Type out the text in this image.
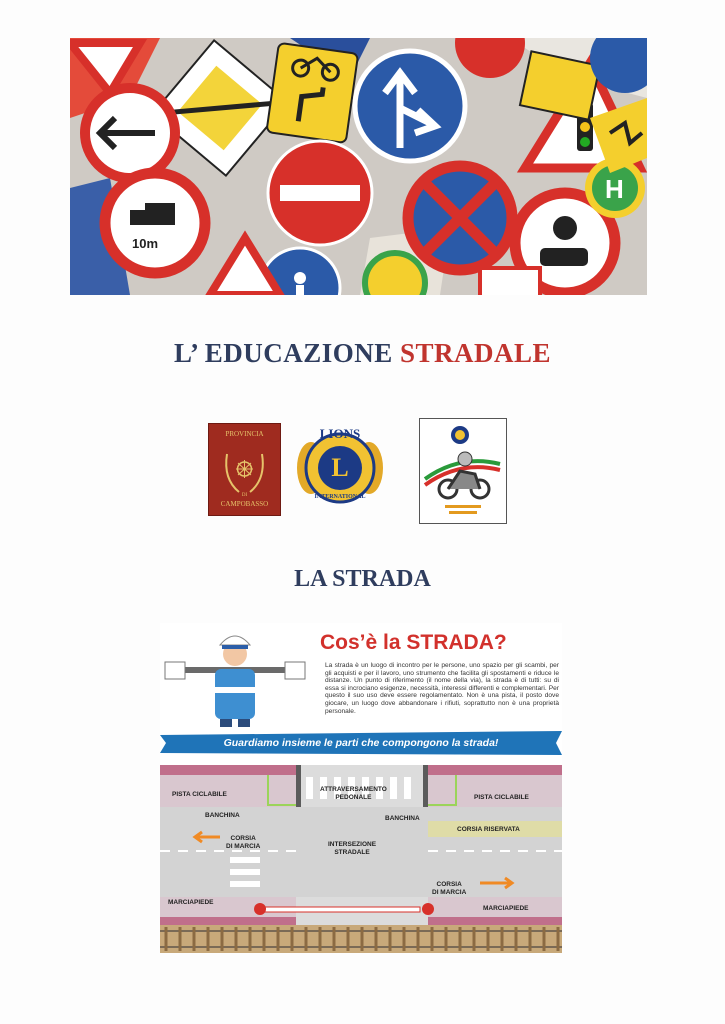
10m
H
L’ EDUCAZIONE STRADALE
PROVINCIA
DI
CAMPOBASSO
LIONS
L
INTERNATIONAL
LA STRADA
Cos’è la STRADA?
La strada è un luogo di incontro per le persone, uno spazio per gli scambi, per gli acquisti e per il lavoro, uno strumento che facilita gli spostamenti e riduce le distanze. Un punto di riferimento (il nome della via), la strada è di tutti: su di essa si incrociano esigenze, necessità, interessi differenti e complementari. Per questo il suo uso deve essere regolamentato. Non è una pista, il posto dove giocare, un luogo dove abbandonare i rifiuti, soprattutto non è una proprietà personale.
Guardiamo insieme le parti che compongono la strada!
PISTA CICLABILE
ATTRAVERSAMENTO
PEDONALE	PISTA CICLABILE
BANCHINA	BANCHINA
CORSIA RISERVATA
CORSIA
DI MARCIA	INTERSEZIONE
STRADALE
CORSIA
DI MARCIA
MARCIAPIEDE
MARCIAPIEDE
